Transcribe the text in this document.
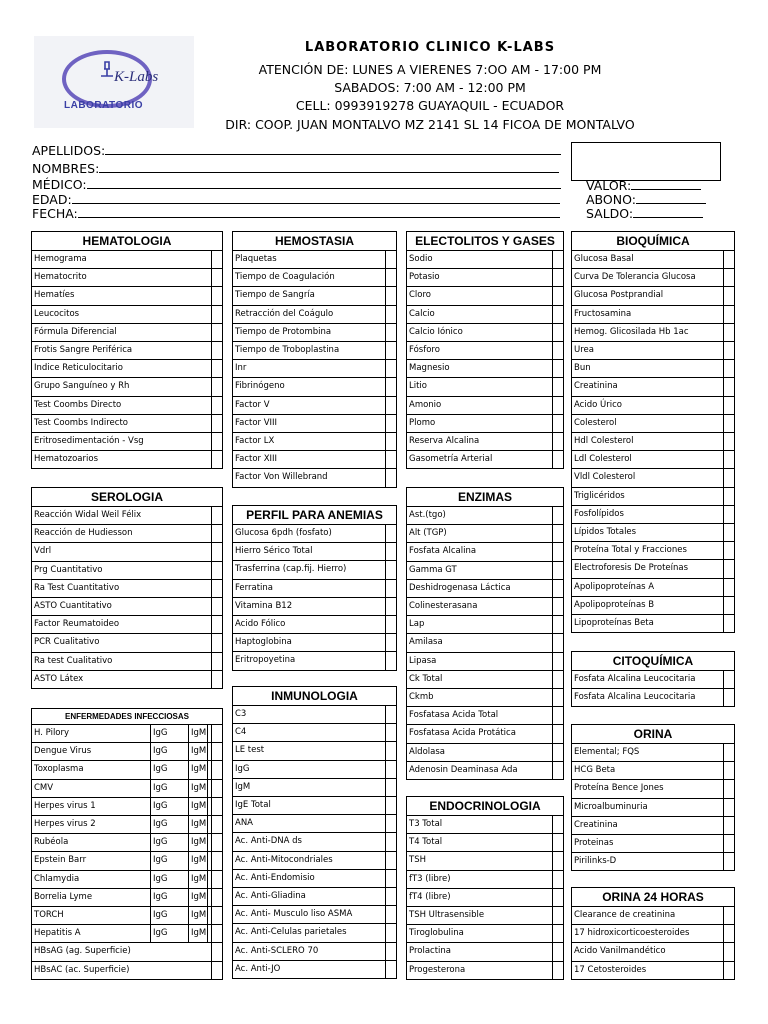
K-Labs
LABORATORIO
LABORATORIO CLINICO K-LABS
ATENCIÓN DE: LUNES A VIERENES 7:OO AM - 17:00 PM
SABADOS: 7:00 AM - 12:00 PM
CELL: 0993919278 GUAYAQUIL - ECUADOR
DIR: COOP. JUAN MONTALVO MZ 2141 SL 14 FICOA DE MONTALVO
APELLIDOS:
NOMBRES:
MÉDICO:
EDAD:
FECHA:
VALOR:
ABONO:
SALDO:
HEMATOLOGIA
Hemograma
Hematocrito
Hematíes
Leucocitos
Fórmula Diferencial
Frotis Sangre Periférica
Indice Reticulocitario
Grupo Sanguíneo y Rh
Test Coombs Directo
Test Coombs Indirecto
Eritrosedimentación - Vsg
Hematozoarios
SEROLOGIA
Reacción Widal Weil Félix
Reacción de Hudiesson
Vdrl
Prg Cuantitativo
Ra Test Cuantitativo
ASTO Cuantitativo
Factor Reumatoideo
PCR Cualitativo
Ra test Cualitativo
ASTO Látex
ENFERMEDADES INFECCIOSAS
H. Pilory	IgG	IgM
Dengue Virus	IgG	IgM
Toxoplasma	IgG	IgM
CMV	IgG	IgM
Herpes virus 1	IgG	IgM
Herpes virus 2	IgG	IgM
Rubéola	IgG	IgM
Epstein Barr	IgG	IgM
Chlamydia	IgG	IgM
Borrelia Lyme	IgG	IgM
TORCH	IgG	IgM
Hepatitis A	IgG	IgM
HBsAG (ag. Superficie)
HBsAC (ac. Superficie)
HEMOSTASIA
Plaquetas
Tiempo de Coagulación
Tiempo de Sangría
Retracción del Coágulo
Tiempo de Protombina
Tiempo de Troboplastina
Inr
Fibrinógeno
Factor V
Factor VIII
Factor LX
Factor XIII
Factor Von Willebrand
PERFIL PARA ANEMIAS
Glucosa 6pdh (fosfato)
Hierro Sérico Total
Trasferrina (cap.fij. Hierro)
Ferratina
Vitamina B12
Acido Fólico
Haptoglobina
Eritropoyetina
INMUNOLOGIA
C3
C4
LE test
IgG
IgM
IgE Total
ANA
Ac. Anti-DNA ds
Ac. Anti-Mitocondriales
Ac. Anti-Endomisio
Ac. Anti-Gliadina
Ac. Anti- Musculo liso ASMA
Ac. Anti-Celulas parietales
Ac. Anti-SCLERO 70
Ac. Anti-JO
ELECTOLITOS Y GASES
Sodio
Potasio
Cloro
Calcio
Calcio Iónico
Fósforo
Magnesio
Litio
Amonio
Plomo
Reserva Alcalina
Gasometría Arterial
ENZIMAS
Ast.(tgo)
Alt (TGP)
Fosfata Alcalina
Gamma GT
Deshidrogenasa Láctica
Colinesterasana
Lap
Amilasa
Lipasa
Ck Total
Ckmb
Fosfatasa Acida Total
Fosfatasa Acida Protática
Aldolasa
Adenosin Deaminasa Ada
ENDOCRINOLOGIA
T3 Total
T4 Total
TSH
fT3 (libre)
fT4 (libre)
TSH Ultrasensible
Tiroglobulina
Prolactina
Progesterona
BIOQUÍMICA
Glucosa Basal
Curva De Tolerancia Glucosa
Glucosa Postprandial
Fructosamina
Hemog. Glicosilada Hb 1ac
Urea
Bun
Creatinina
Acido Úrico
Colesterol
Hdl Colesterol
Ldl Colesterol
Vldl Colesterol
Triglicéridos
Fosfolípidos
Lípidos Totales
Proteína Total y Fracciones
Electroforesis De Proteínas
Apolipoproteínas A
Apolipoproteínas B
Lipoproteínas Beta
CITOQUÍMICA
Fosfata Alcalina Leucocitaria
Fosfata Alcalina Leucocitaria
ORINA
Elemental; FQS
HCG Beta
Proteína Bence Jones
Microalbuminuria
Creatinina
Proteinas
Pirilinks-D
ORINA 24 HORAS
Clearance de creatinina
17 hidroxicorticoesteroides
Acido Vanilmandético
17 Cetosteroides
